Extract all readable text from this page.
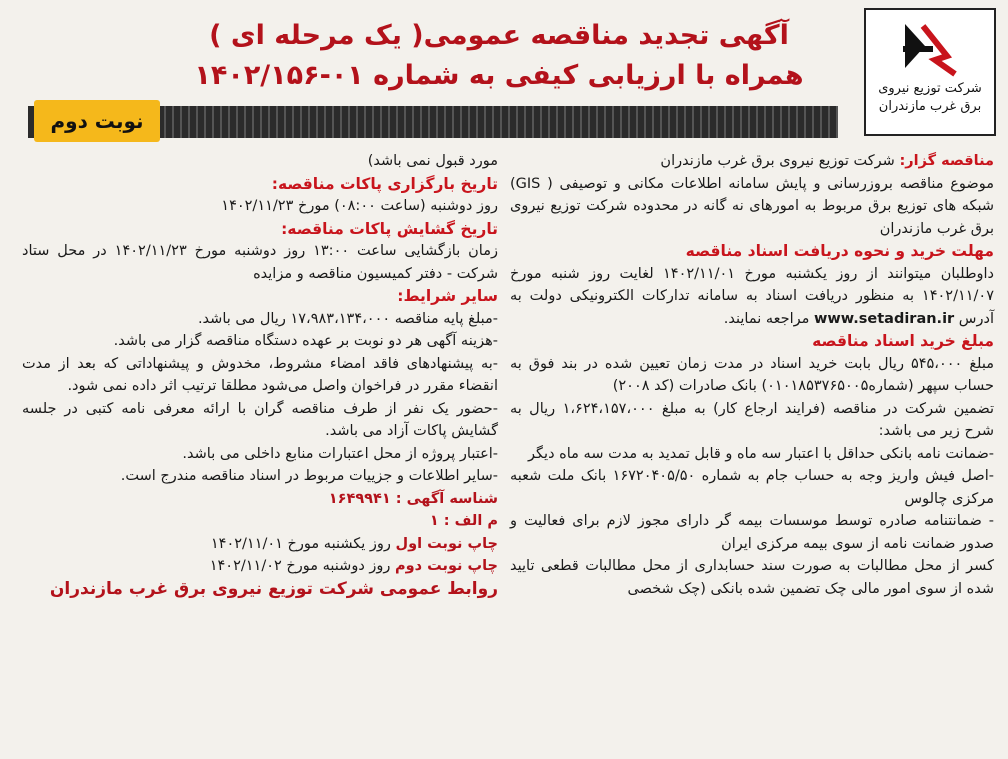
شرکت توزیع نیروی
برق غرب مازندران
آگهی تجدید مناقصه عمومی( یک مرحله ای )
همراه با ارزیابی کیفی به شماره ۰۱-۱۴۰۲/۱۵۶
نوبت دوم

مناقصه گزار: شرکت توزیع نیروی برق غرب مازندران

موضوع مناقصه بروزرسانی و پایش سامانه اطلاعات مکانی و توصیفی ( GIS) شبکه های توزیع برق مربوط به امورهای نه گانه در محدوده شرکت توزیع نیروی برق غرب مازندران

مهلت خرید و نحوه دریافت اسناد مناقصه

داوطلبان میتوانند از روز یکشنبه مورخ ۱۴۰۲/۱۱/۰۱ لغایت روز شنبه مورخ ۱۴۰۲/۱۱/۰۷ به منظور دریافت اسناد به سامانه تدارکات الکترونیکی دولت به آدرس www.setadiran.ir مراجعه نمایند.

مبلغ خرید اسناد مناقصه

مبلغ ۵۴۵،۰۰۰ ریال بابت خرید اسناد در مدت زمان تعیین شده در بند فوق به حساب سپهر (شماره۰۱۰۱۸۵۳۷۶۵۰۰۵) بانک صادرات (کد ۲۰۰۸)

تضمین شرکت در مناقصه (فرایند ارجاع کار) به مبلغ ۱،۶۲۴،۱۵۷،۰۰۰ ریال به شرح زیر می باشد:

-ضمانت نامه بانکی حداقل با اعتبار سه ماه و قابل تمدید به مدت سه ماه دیگر

-اصل فیش واریز وجه به حساب جام به شماره ۱۶۷۲۰۴۰۵/۵۰ بانک ملت شعبه مرکزی چالوس

- ضمانتنامه صادره توسط موسسات بیمه گر دارای مجوز لازم برای فعالیت و صدور ضمانت نامه از سوی بیمه مرکزی ایران

کسر از محل مطالبات به صورت سند حسابداری از محل مطالبات قطعی تایید شده از سوی امور مالی چک تضمین شده بانکی (چک شخصی

مورد قبول نمی باشد)

تاریخ بارگزاری پاکات مناقصه:

روز دوشنبه (ساعت ۰۸:۰۰) مورخ ۱۴۰۲/۱۱/۲۳

تاریخ گشایش پاکات مناقصه:

زمان بازگشایی ساعت ۱۳:۰۰ روز دوشنبه مورخ ۱۴۰۲/۱۱/۲۳ در محل ستاد شرکت - دفتر کمیسیون مناقصه و مزایده

سایر شرایط:

-مبلغ پایه مناقصه ۱۷،۹۸۳،۱۳۴،۰۰۰ ریال می باشد.

-هزینه آگهی هر دو نوبت بر عهده دستگاه مناقصه گزار می باشد.

-به پیشنهادهای فاقد امضاء مشروط، مخدوش و پیشنهاداتی که بعد از مدت انقضاء مقرر در فراخوان واصل می‌شود مطلقا ترتیب اثر داده نمی شود.

-حضور یک نفر از طرف مناقصه گران با ارائه معرفی نامه کتبی در جلسه گشایش پاکات آزاد می باشد.

-اعتبار پروژه از محل اعتبارات منابع داخلی می باشد.

-سایر اطلاعات و جزییات مربوط در اسناد مناقصه مندرج است.

شناسه آگهی : ۱۶۴۹۹۴۱

م الف : ۱

چاپ نوبت اول روز یکشنبه مورخ ۱۴۰۲/۱۱/۰۱

چاپ نوبت دوم روز دوشنبه مورخ ۱۴۰۲/۱۱/۰۲

روابط عمومی شرکت توزیع نیروی برق غرب مازندران
